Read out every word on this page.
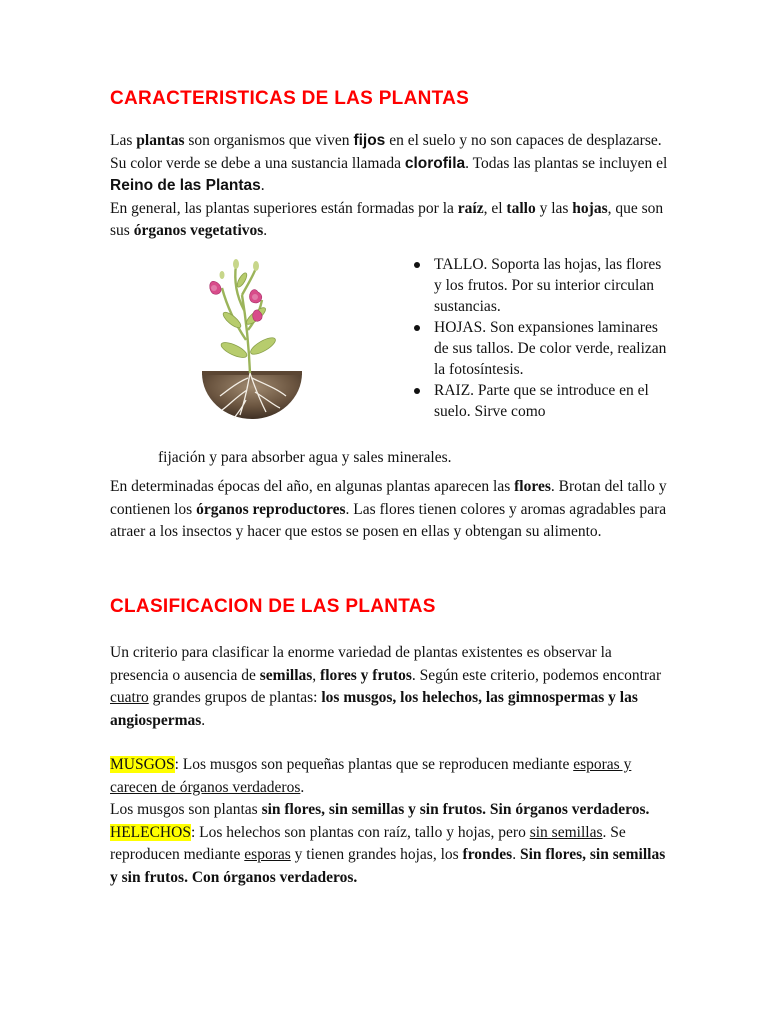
CARACTERISTICAS DE LAS PLANTAS
Las plantas son organismos que viven fijos en el suelo y no son capaces de desplazarse. Su color verde se debe a una sustancia llamada clorofila. Todas las plantas se incluyen el Reino de las Plantas.
En general, las plantas superiores están formadas por la raíz, el tallo y las hojas, que son sus órganos vegetativos.
TALLO. Soporta las hojas, las flores y los frutos. Por su interior circulan sustancias.
HOJAS. Son expansiones laminares de sus tallos. De color verde, realizan la fotosíntesis.
RAIZ. Parte que se introduce en el suelo. Sirve como
fijación y para absorber agua y sales minerales.
En determinadas épocas del año, en algunas plantas aparecen las flores. Brotan del tallo y contienen los órganos reproductores. Las flores tienen colores y aromas agradables para atraer a los insectos y hacer que estos se posen en ellas y obtengan su alimento.
CLASIFICACION DE LAS PLANTAS
Un criterio para clasificar la enorme variedad de plantas existentes es observar la presencia o ausencia de semillas, flores y frutos. Según este criterio, podemos encontrar cuatro grandes grupos de plantas: los musgos, los helechos, las gimnospermas y las angiospermas.
MUSGOS: Los musgos son pequeñas plantas que se reproducen mediante esporas y carecen de órganos verdaderos.
Los musgos son plantas sin flores, sin semillas y sin frutos. Sin órganos verdaderos.
HELECHOS: Los helechos son plantas con raíz, tallo y hojas, pero sin semillas. Se reproducen mediante esporas y tienen grandes hojas, los frondes. Sin flores, sin semillas y sin frutos. Con órganos verdaderos.
